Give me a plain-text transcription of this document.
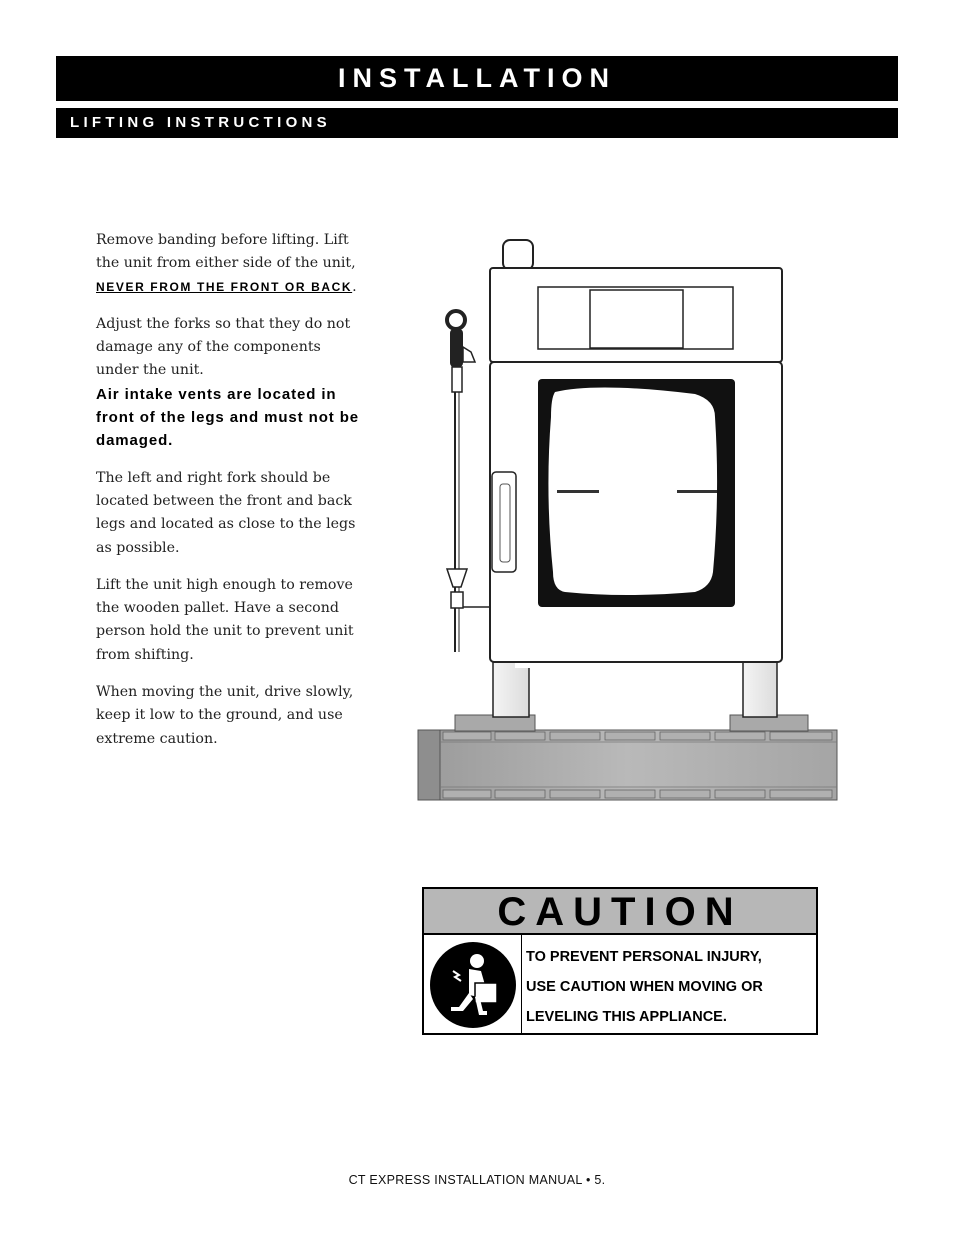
INSTALLATION
LIFTING INSTRUCTIONS

Remove banding before lifting. Lift the unit from either side of the unit, NEVER FROM THE FRONT OR BACK.

Adjust the forks so that they do not damage any of the components under the unit.
Air intake vents are located in front of the legs and must not be damaged.

The left and right fork should be located between the front and back legs and located as close to the legs as possible.

Lift the unit high enough to remove the wooden pallet. Have a second person hold the unit to prevent unit from shifting.

When moving the unit, drive slowly, keep it low to the ground, and use extreme caution.

CAUTION
TO PREVENT PERSONAL INJURY,
USE CAUTION WHEN MOVING OR
LEVELING THIS APPLIANCE.
CT EXPRESS INSTALLATION MANUAL • 5.
